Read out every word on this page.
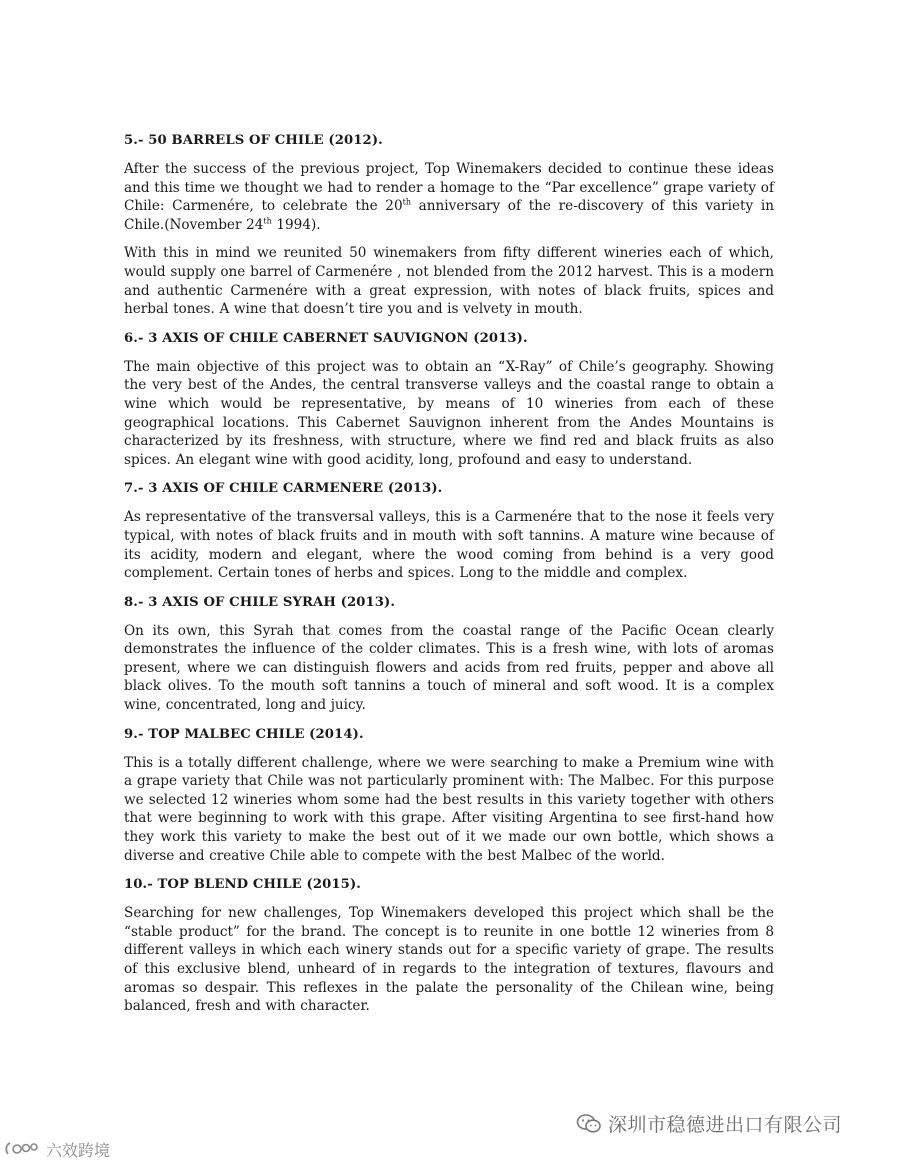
5.- 50 BARRELS OF CHILE (2012).

After the success of the previous project, Top Winemakers decided to continue these ideas and this time we thought we had to render a homage to the “Par excellence” grape variety of Chile: Carmenére, to celebrate the 20th anniversary of the re-discovery of this variety in Chile.(November 24th 1994).

With this in mind we reunited 50 winemakers from fifty different wineries each of which, would supply one barrel of Carmenére , not blended from the 2012 harvest. This is a modern and authentic Carmenére with a great expression, with notes of black fruits, spices and herbal tones. A wine that doesn’t tire you and is velvety in mouth.

6.- 3 AXIS OF CHILE CABERNET SAUVIGNON (2013).

The main objective of this project was to obtain an “X-Ray” of Chile’s geography. Showing the very best of the Andes, the central transverse valleys and the coastal range to obtain a wine which would be representative, by means of 10 wineries from each of these geographical locations. This Cabernet Sauvignon inherent from the Andes Mountains is characterized by its freshness, with structure, where we find red and black fruits as also spices. An elegant wine with good acidity, long, profound and easy to understand.

7.- 3 AXIS OF CHILE CARMENERE (2013).

As representative of the transversal valleys, this is a Carmenére that to the nose it feels very typical, with notes of black fruits and in mouth with soft tannins. A mature wine because of its acidity, modern and elegant, where the wood coming from behind is a very good complement. Certain tones of herbs and spices. Long to the middle and complex.

8.- 3 AXIS OF CHILE SYRAH (2013).

On its own, this Syrah that comes from the coastal range of the Pacific Ocean clearly demonstrates the influence of the colder climates. This is a fresh wine, with lots of aromas present, where we can distinguish flowers and acids from red fruits, pepper and above all black olives. To the mouth soft tannins a touch of mineral and soft wood. It is a complex wine, concentrated, long and juicy.

9.- TOP MALBEC CHILE (2014).

This is a totally different challenge, where we were searching to make a Premium wine with a grape variety that Chile was not particularly prominent with: The Malbec. For this purpose we selected 12 wineries whom some had the best results in this variety together with others that were beginning to work with this grape. After visiting Argentina to see first-hand how they work this variety to make the best out of it we made our own bottle, which shows a diverse and creative Chile able to compete with the best Malbec of the world.

10.- TOP BLEND CHILE (2015).

Searching for new challenges, Top Winemakers developed this project which shall be the “stable product” for the brand. The concept is to reunite in one bottle 12 wineries from 8 different valleys in which each winery stands out for a specific variety of grape. The results of this exclusive blend, unheard of in regards to the integration of textures, flavours and aromas so despair. This reflexes in the palate the personality of the Chilean wine, being balanced, fresh and with character.

深圳市稳德进出口有限公司
六效跨境
